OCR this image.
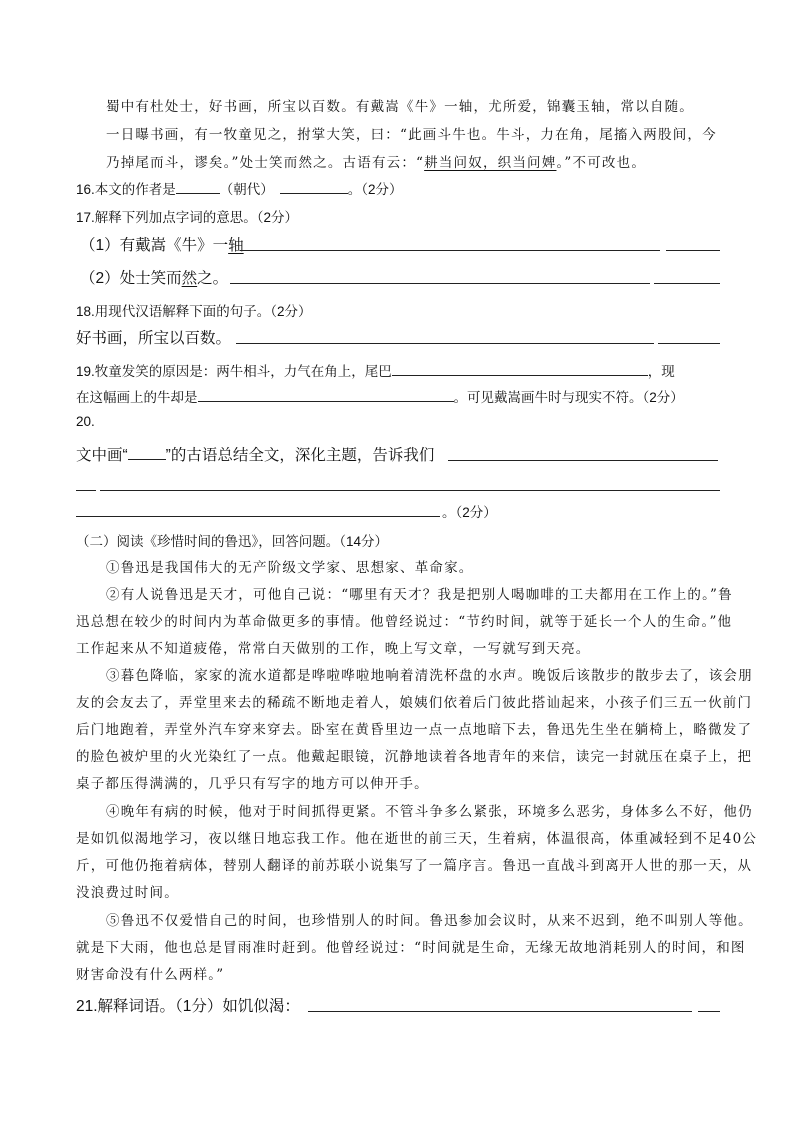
蜀中有杜处士，好书画，所宝以百数。有戴嵩《牛》一轴，尤所爱，锦囊玉轴，常以自随。
一日曝书画，有一牧童见之，拊掌大笑，曰：“此画斗牛也。牛斗，力在角，尾搐入两股间，今
乃掉尾而斗，谬矣。”处士笑而然之。古语有云：“耕当问奴，织当问婢。”不可改也。
16.本文的作者是	（朝代）	。（2分）
17.解释下列加点字词的意思。（2分）
（1）有戴嵩《牛》一轴
（2）处士笑而然之。
18.用现代汉语解释下面的句子。（2分）
好书画，所宝以百数。
19.牧童发笑的原因是：两牛相斗，力气在角上，尾巴	，现
在这幅画上的牛却是	。可见戴嵩画牛时与现实不符。（2分）
20.
文中画“ ”的古语总结全文，深化主题，告诉我们
。（2分）
（二）阅读《珍惜时间的鲁迅》，回答问题。（14分）
①鲁迅是我国伟大的无产阶级文学家、思想家、革命家。
②有人说鲁迅是天才，可他自己说：“哪里有天才？我是把别人喝咖啡的工夫都用在工作上的。”鲁
迅总想在较少的时间内为革命做更多的事情。他曾经说过：“节约时间，就等于延长一个人的生命。”他
工作起来从不知道疲倦，常常白天做别的工作，晚上写文章，一写就写到天亮。
③暮色降临，家家的流水道都是哗啦哗啦地响着清洗杯盘的水声。晚饭后该散步的散步去了，该会朋
友的会友去了，弄堂里来去的稀疏不断地走着人，娘姨们依着后门彼此搭讪起来，小孩子们三五一伙前门
后门地跑着，弄堂外汽车穿来穿去。卧室在黄昏里边一点一点地暗下去，鲁迅先生坐在躺椅上，略微发了
的脸色被炉里的火光染红了一点。他戴起眼镜，沉静地读着各地青年的来信，读完一封就压在桌子上，把
桌子都压得满满的，几乎只有写字的地方可以伸开手。
④晚年有病的时候，他对于时间抓得更紧。不管斗争多么紧张，环境多么恶劣，身体多么不好，他仍
是如饥似渴地学习，夜以继日地忘我工作。他在逝世的前三天，生着病，体温很高，体重减轻到不足40公
斤，可他仍拖着病体，替别人翻译的前苏联小说集写了一篇序言。鲁迅一直战斗到离开人世的那一天，从
没浪费过时间。
⑤鲁迅不仅爱惜自己的时间，也珍惜别人的时间。鲁迅参加会议时，从来不迟到，绝不叫别人等他。
就是下大雨，他也总是冒雨准时赶到。他曾经说过：“时间就是生命，无缘无故地消耗别人的时间，和图
财害命没有什么两样。”
21.解释词语。（1分）如饥似渴：
